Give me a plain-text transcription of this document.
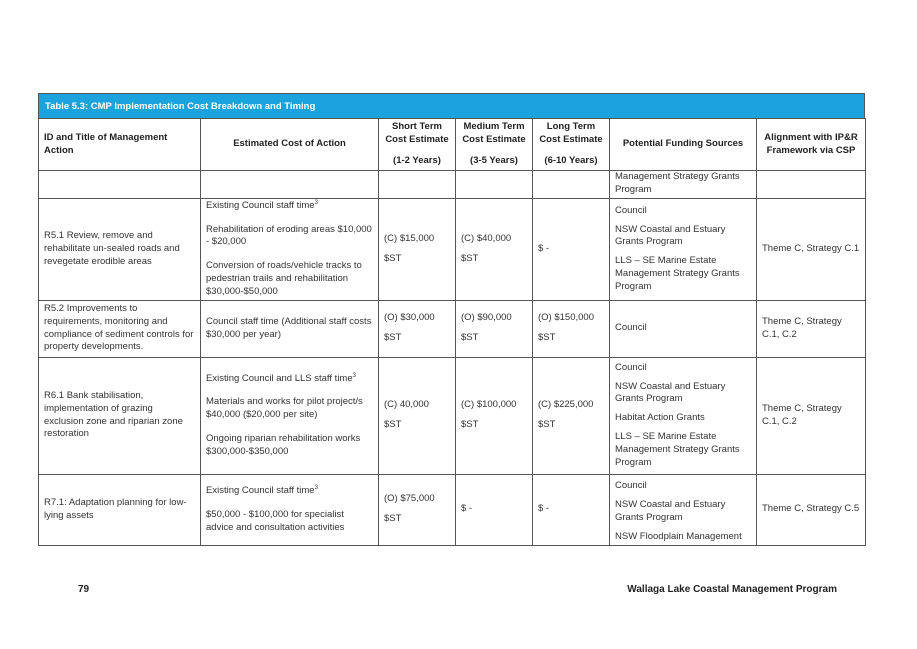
Table 5.3: CMP Implementation Cost Breakdown and Timing
ID and Title of Management Action	Estimated Cost of Action	Short Term Cost Estimate
(1-2 Years)	Medium Term Cost Estimate
(3-5 Years)	Long Term Cost Estimate
(6-10 Years)	Potential Funding Sources	Alignment with IP&R Framework via CSP
					Management Strategy Grants Program	
R5.1 Review, remove and rehabilitate un-sealed roads and revegetate erodible areas	Existing Council staff time$^3$
Rehabilitation of eroding areas $10,000 - $20,000
Conversion of roads/vehicle tracks to pedestrian trails and rehabilitation $30,000-$50,000	(C) $15,000
$ST	(C) $40,000
$ST	$ -	Council
NSW Coastal and Estuary Grants Program
LLS – SE Marine Estate Management Strategy Grants Program	Theme C, Strategy C.1
R5.2 Improvements to requirements, monitoring and compliance of sediment controls for property developments.	Council staff time (Additional staff costs $30,000 per year)	(O) $30,000
$ST	(O) $90,000
$ST	(O) $150,000
$ST	Council	Theme C, Strategy C.1, C.2
R6.1 Bank stabilisation, implementation of grazing exclusion zone and riparian zone restoration	Existing Council and LLS staff time$^3$
Materials and works for pilot project/s $40,000 ($20,000 per site)
Ongoing riparian rehabilitation works $300,000-$350,000	(C) 40,000
$ST	(C) $100,000
$ST	(C) $225,000
$ST	Council
NSW Coastal and Estuary Grants Program
Habitat Action Grants
LLS – SE Marine Estate Management Strategy Grants Program	Theme C, Strategy C.1, C.2
R7.1: Adaptation planning for low-lying assets	Existing Council staff time$^3$
$50,000 - $100,000 for specialist advice and consultation activities	(O) $75,000
$ST	$ -	$ -	Council
NSW Coastal and Estuary Grants Program
NSW Floodplain Management	Theme C, Strategy C.5
79	Wallaga Lake Coastal Management Program
